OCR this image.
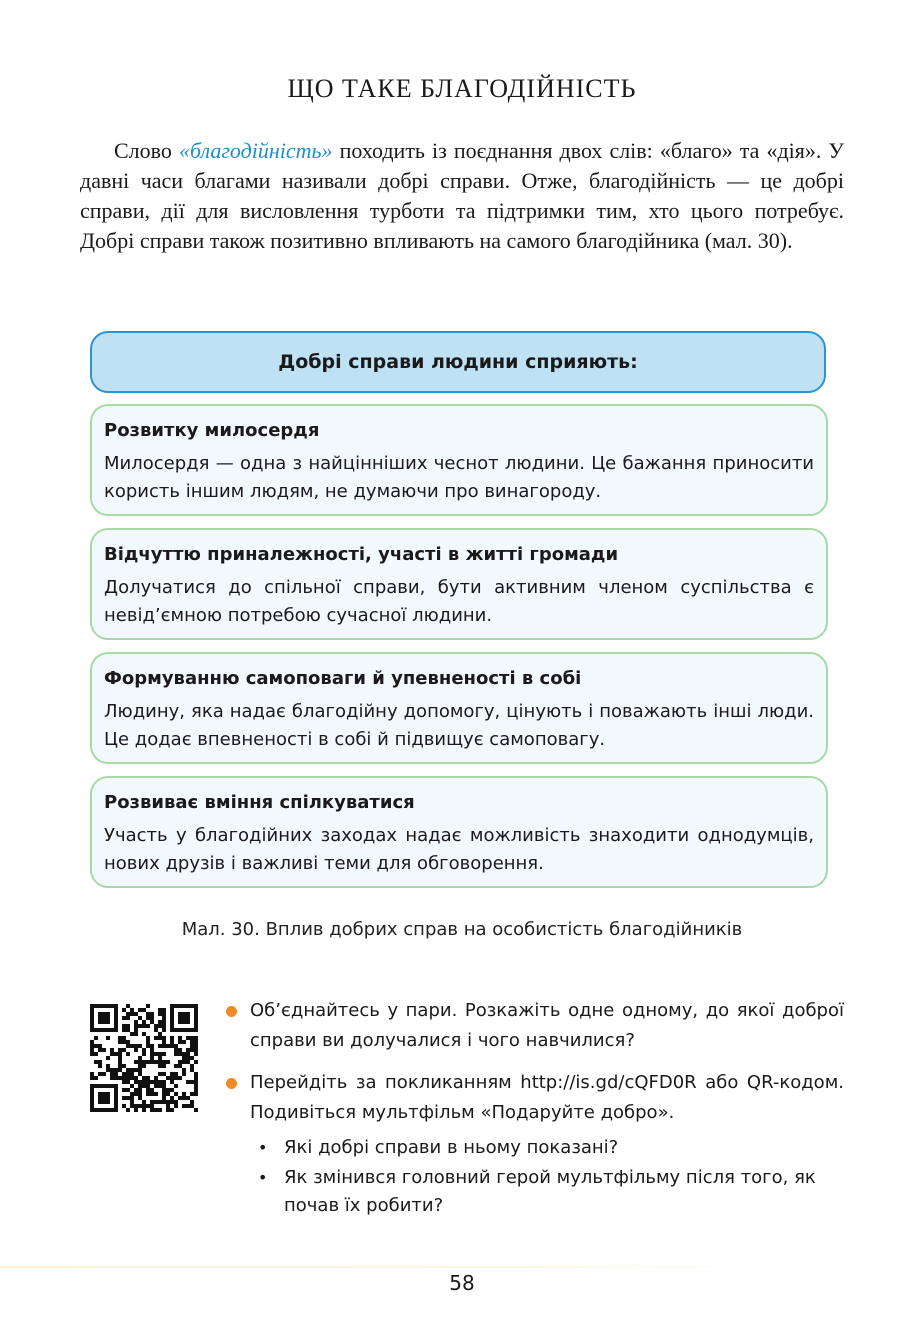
ЩО ТАКЕ БЛАГОДІЙНІСТЬ

Слово «благодійність» походить із поєднання двох слів: «благо» та «дія». У давні часи благами називали добрі справи. Отже, благодійність — це добрі справи, дії для висловлення турботи та підтримки тим, хто цього потребує. Добрі справи також позитивно впливають на самого благодійника (мал. 30).

Добрі справи людини сприяють:

Розвитку милосердя

Милосердя — одна з найцінніших чеснот людини. Це бажання приносити користь іншим людям, не думаючи про винагороду.

Відчуттю приналежності, участі в житті громади

Долучатися до спільної справи, бути активним членом суспільства є невід’ємною потребою сучасної людини.

Формуванню самоповаги й упевненості в собі

Людину, яка надає благодійну допомогу, цінують і поважають інші люди. Це додає впевненості в собі й підвищує самоповагу.

Розвиває вміння спілкуватися

Участь у благодійних заходах надає можливість знаходити однодумців, нових друзів і важливі теми для обговорення.

Мал. 30. Вплив добрих справ на особистість благодійників
Об’єднайтесь у пари. Розкажіть одне одному, до якої доброї справи ви долучалися і чого навчилися?
Перейдіть за покликанням http://is.gd/cQFD0R або QR-кодом. Подивіться мультфільм «Подаруйте добро».
• Які добрі справи в ньому показані?
• Як змінився головний герой мультфільму після того, як почав їх робити?
58
